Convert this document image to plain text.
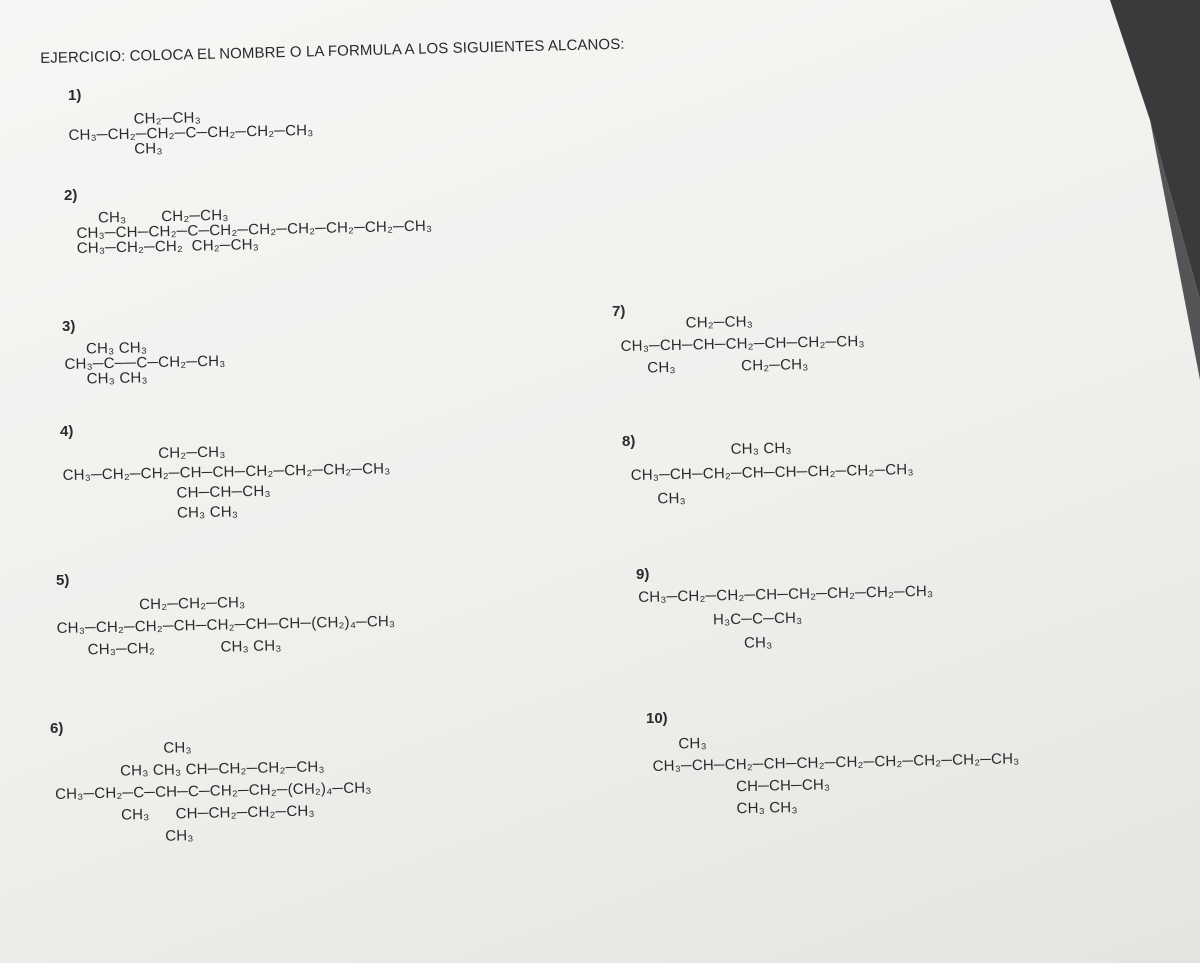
EJERCICIO: COLOCA EL NOMBRE O LA FORMULA A LOS SIGUIENTES ALCANOS:
1)
CH₂─CH₃
CH₃─CH₂─CH₂─C─CH₂─CH₂─CH₃
CH₃
2)
CH₃        CH₂─CH₃
CH₃─CH─CH₂─C─CH₂─CH₂─CH₂─CH₂─CH₂─CH₃
CH₃─CH₂─CH₂  CH₂─CH₃
3)
CH₃ CH₃
CH₃─C──C─CH₂─CH₃
CH₃ CH₃
4)
CH₂─CH₃
CH₃─CH₂─CH₂─CH─CH─CH₂─CH₂─CH₂─CH₃
CH─CH─CH₃
CH₃ CH₃
5)
CH₂─CH₂─CH₃
CH₃─CH₂─CH₂─CH─CH₂─CH─CH─(CH₂)₄─CH₃
CH₃─CH₂               CH₃ CH₃
6)
CH₃
CH₃ CH₃ CH─CH₂─CH₂─CH₃
CH₃─CH₂─C─CH─C─CH₂─CH₂─(CH₂)₄─CH₃
CH₃      CH─CH₂─CH₂─CH₃
CH₃
7)
CH₂─CH₃
CH₃─CH─CH─CH₂─CH─CH₂─CH₃
CH₃               CH₂─CH₃
8)
CH₃ CH₃
CH₃─CH─CH₂─CH─CH─CH₂─CH₂─CH₃
CH₃
9)
CH₃─CH₂─CH₂─CH─CH₂─CH₂─CH₂─CH₃
H₃C─C─CH₃
CH₃
10)
CH₃
CH₃─CH─CH₂─CH─CH₂─CH₂─CH₂─CH₂─CH₂─CH₃
CH─CH─CH₃
CH₃ CH₃
